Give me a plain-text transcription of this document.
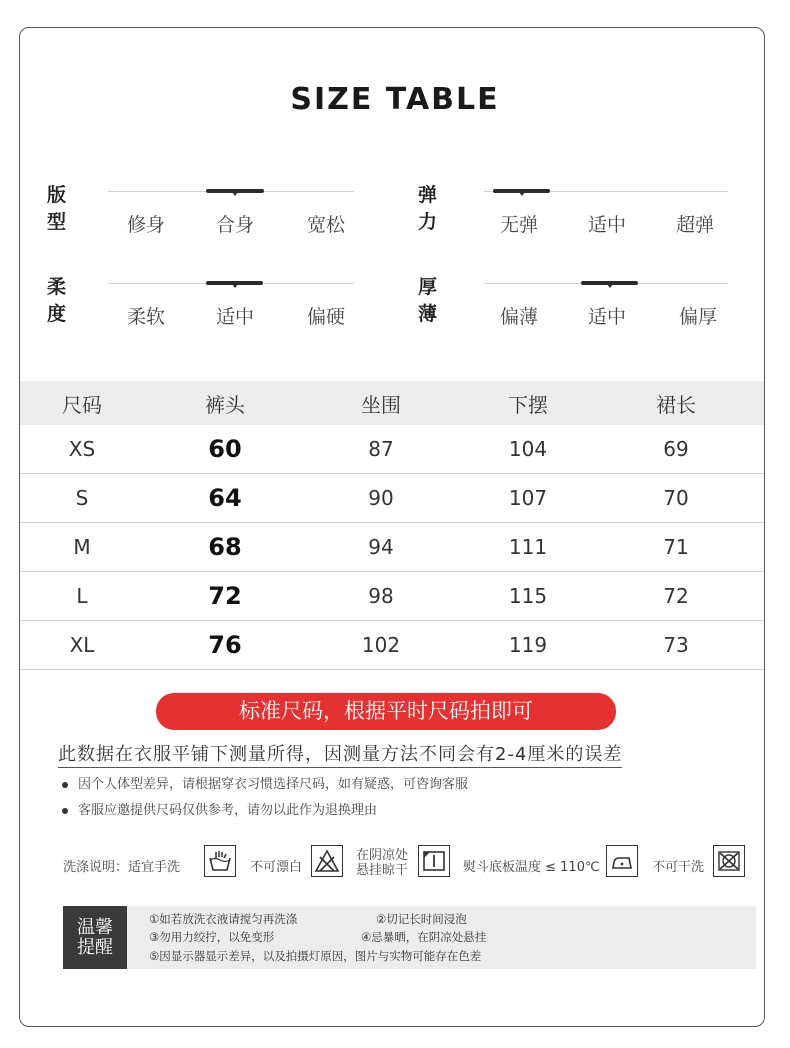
SIZE TABLE
版型	修身	合身	宽松
弹力	无弹	适中	超弹
柔度	柔软	适中	偏硬
厚薄	偏薄	适中	偏厚
尺码	裤头	坐围	下摆	裙长
XS	60	87	104	69
S	64	90	107	70
M	68	94	111	71
L	72	98	115	72
XL	76	102	119	73
标准尺码，根据平时尺码拍即可
此数据在衣服平铺下测量所得，因测量方法不同会有2-4厘米的误差
因个人体型差异，请根据穿衣习惯选择尺码，如有疑惑，可咨询客服
客服应邀提供尺码仅供参考，请勿以此作为退换理由
洗涤说明：适宜手洗	不可漂白
在阴凉处
悬挂晾干	熨斗底板温度 ≤ 110℃	不可干洗
温馨
提醒
①如若放洗衣液请搅匀再洗涤	②切记长时间浸泡
③勿用力绞拧，以免变形	④忌暴晒，在阴凉处悬挂
⑤因显示器显示差异，以及拍摄灯原因，图片与实物可能存在色差
